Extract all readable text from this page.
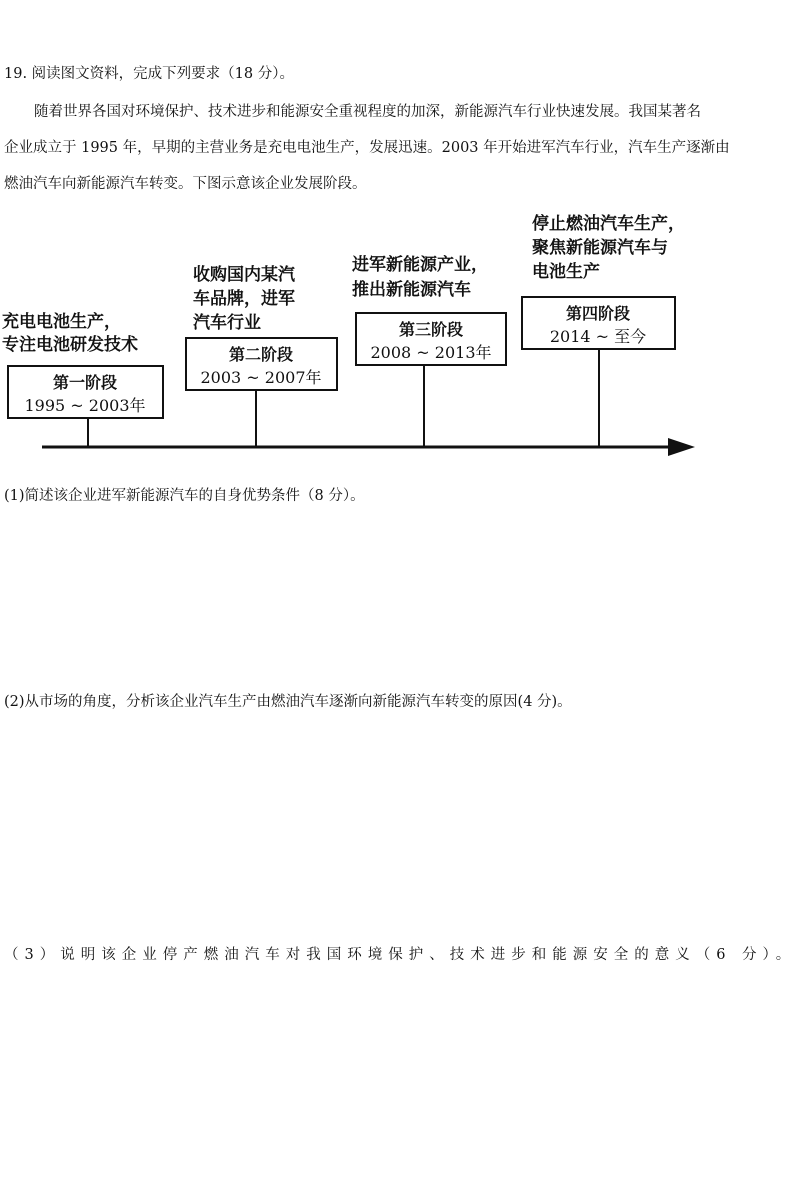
19. 阅读图文资料，完成下列要求（18 分）。
随着世界各国对环境保护、技术进步和能源安全重视程度的加深，新能源汽车行业快速发展。我国某著名
企业成立于 1995 年，早期的主营业务是充电电池生产，发展迅速。2003 年开始进军汽车行业，汽车生产逐渐由
燃油汽车向新能源汽车转变。下图示意该企业发展阶段。
充电电池生产，
专注电池研发技术
第一阶段
1995 ~ 2003年
收购国内某汽
车品牌，进军
汽车行业
第二阶段
2003 ~ 2007年
进军新能源产业，
推出新能源汽车
第三阶段
2008 ~ 2013年
停止燃油汽车生产，
聚焦新能源汽车与
电池生产
第四阶段
2014 ~ 至今
(1)简述该企业进军新能源汽车的自身优势条件（8 分）。
(2)从市场的角度，分析该企业汽车生产由燃油汽车逐渐向新能源汽车转变的原因(4 分)。
（3）说明该企业停产燃油汽车对我国环境保护、技术进步和能源安全的意义（6 分）。
